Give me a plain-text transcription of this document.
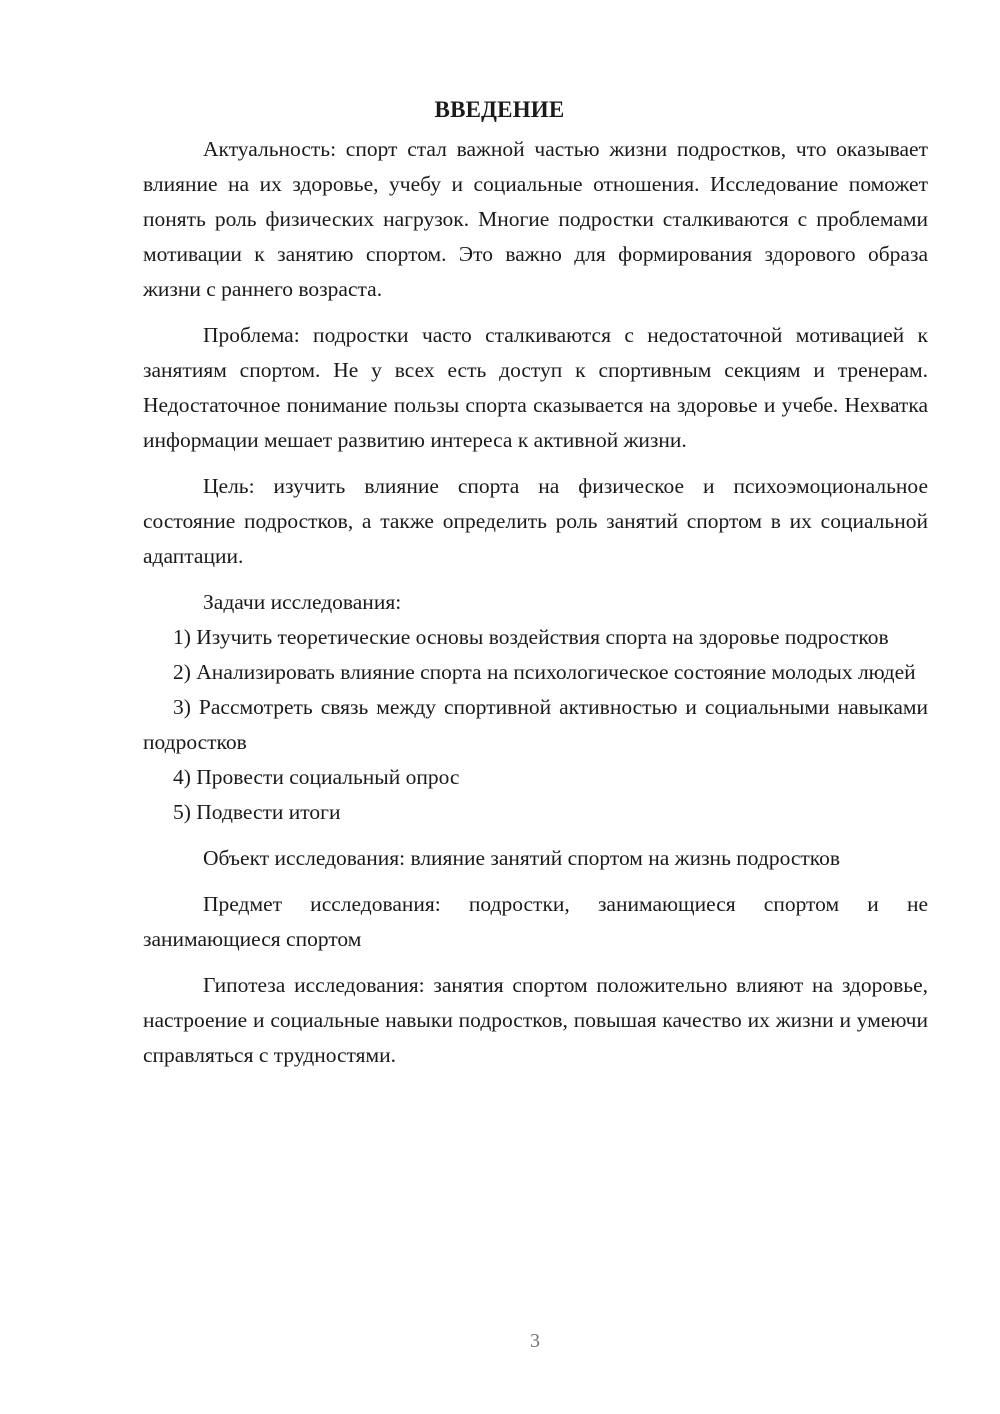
ВВЕДЕНИЕ

Актуальность: спорт стал важной частью жизни подростков, что оказывает влияние на их здоровье, учебу и социальные отношения. Исследование поможет понять роль физических нагрузок. Многие подростки сталкиваются с проблемами мотивации к занятию спортом. Это важно для формирования здорового образа жизни с раннего возраста.

Проблема: подростки часто сталкиваются с недостаточной мотивацией к занятиям спортом. Не у всех есть доступ к спортивным секциям и тренерам. Недостаточное понимание пользы спорта сказывается на здоровье и учебе. Нехватка информации мешает развитию интереса к активной жизни.

Цель: изучить влияние спорта на физическое и психоэмоциональное состояние подростков, а также определить роль занятий спортом в их социальной адаптации.

Задачи исследования:

1) Изучить теоретические основы воздействия спорта на здоровье подростков

2) Анализировать влияние спорта на психологическое состояние молодых людей

3) Рассмотреть связь между спортивной активностью и социальными навыками подростков

4) Провести социальный опрос

5) Подвести итоги

Объект исследования: влияние занятий спортом на жизнь подростков

Предмет исследования: подростки, занимающиеся спортом и не занимающиеся спортом

Гипотеза исследования: занятия спортом положительно влияют на здоровье, настроение и социальные навыки подростков, повышая качество их жизни и умеючи справляться с трудностями.

3
